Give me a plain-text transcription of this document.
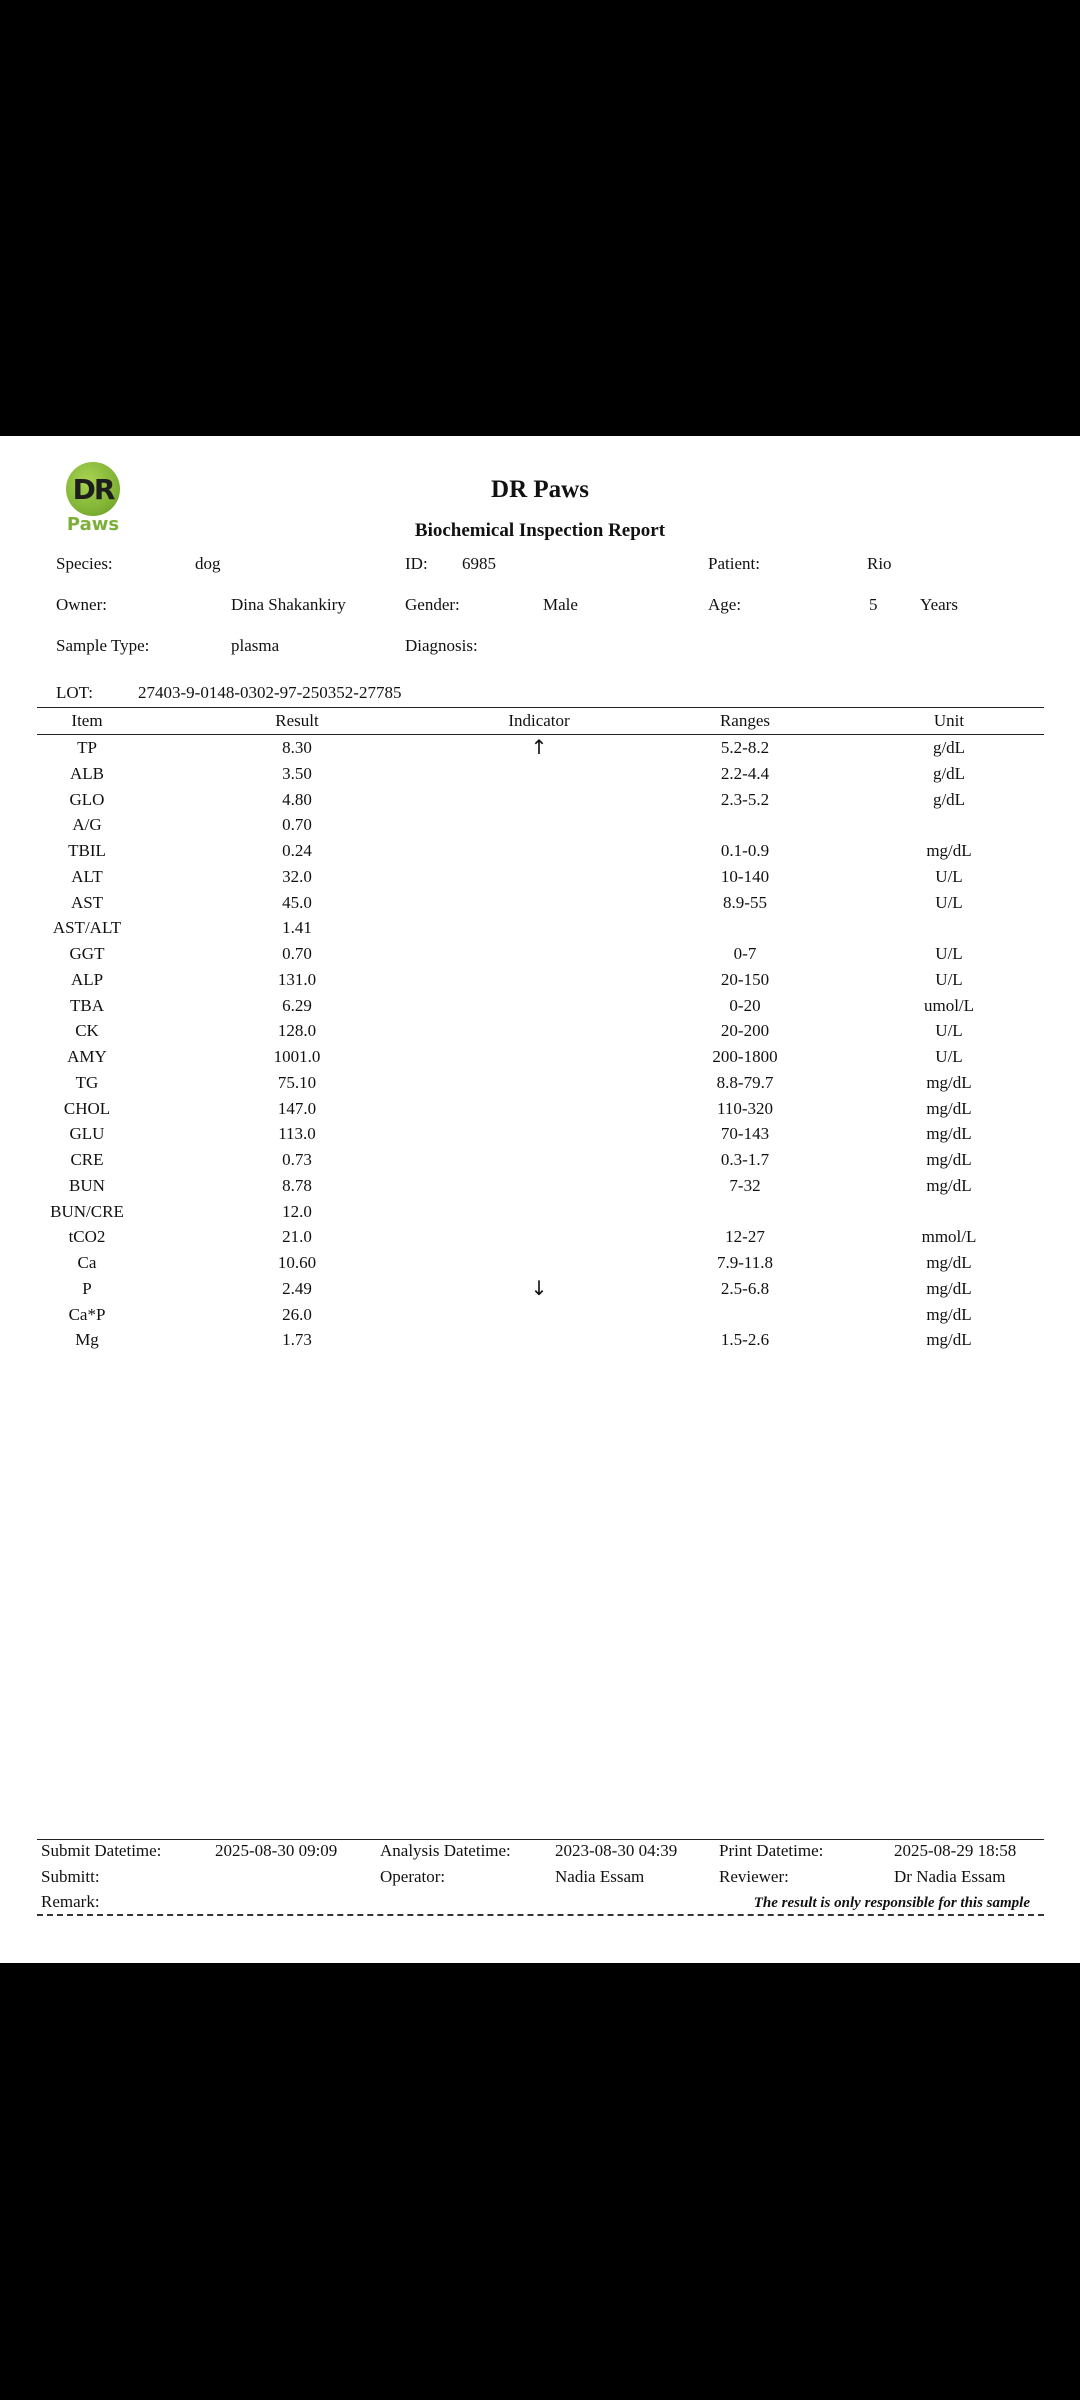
DR
Paws
DR Paws
Biochemical Inspection Report
Species:	dog	ID: 6985	Patient:	Rio
Owner:	Dina Shakankiry	Gender:	Male	Age:	5	Years
Sample Type:	plasma	Diagnosis:
LOT:	27403-9-0148-0302-97-250352-27785
Item	Result	Indicator	Ranges	Unit
TP	8.30	↑	5.2-8.2	g/dL
ALB	3.50	2.2-4.4	g/dL
GLO	4.80	2.3-5.2	g/dL
A/G	0.70
TBIL	0.24	0.1-0.9	mg/dL
ALT	32.0	10-140	U/L
AST	45.0	8.9-55	U/L
AST/ALT	1.41
GGT	0.70	0-7	U/L
ALP	131.0	20-150	U/L
TBA	6.29	0-20	umol/L
CK	128.0	20-200	U/L
AMY	1001.0	200-1800	U/L
TG	75.10	8.8-79.7	mg/dL
CHOL	147.0	110-320	mg/dL
GLU	113.0	70-143	mg/dL
CRE	0.73	0.3-1.7	mg/dL
BUN	8.78	7-32	mg/dL
BUN/CRE	12.0
tCO2	21.0	12-27	mmol/L
Ca	10.60	7.9-11.8	mg/dL
P	2.49	↓	2.5-6.8	mg/dL
Ca*P	26.0	mg/dL
Mg	1.73	1.5-2.6	mg/dL
Submit Datetime:	2025-08-30 09:09	Analysis Datetime:	2023-08-30 04:39 Print Datetime:	2025-08-29 18:58
Submitt:	Operator:	Nadia Essam	Reviewer:	Dr Nadia Essam
Remark:	The result is only responsible for this sample
